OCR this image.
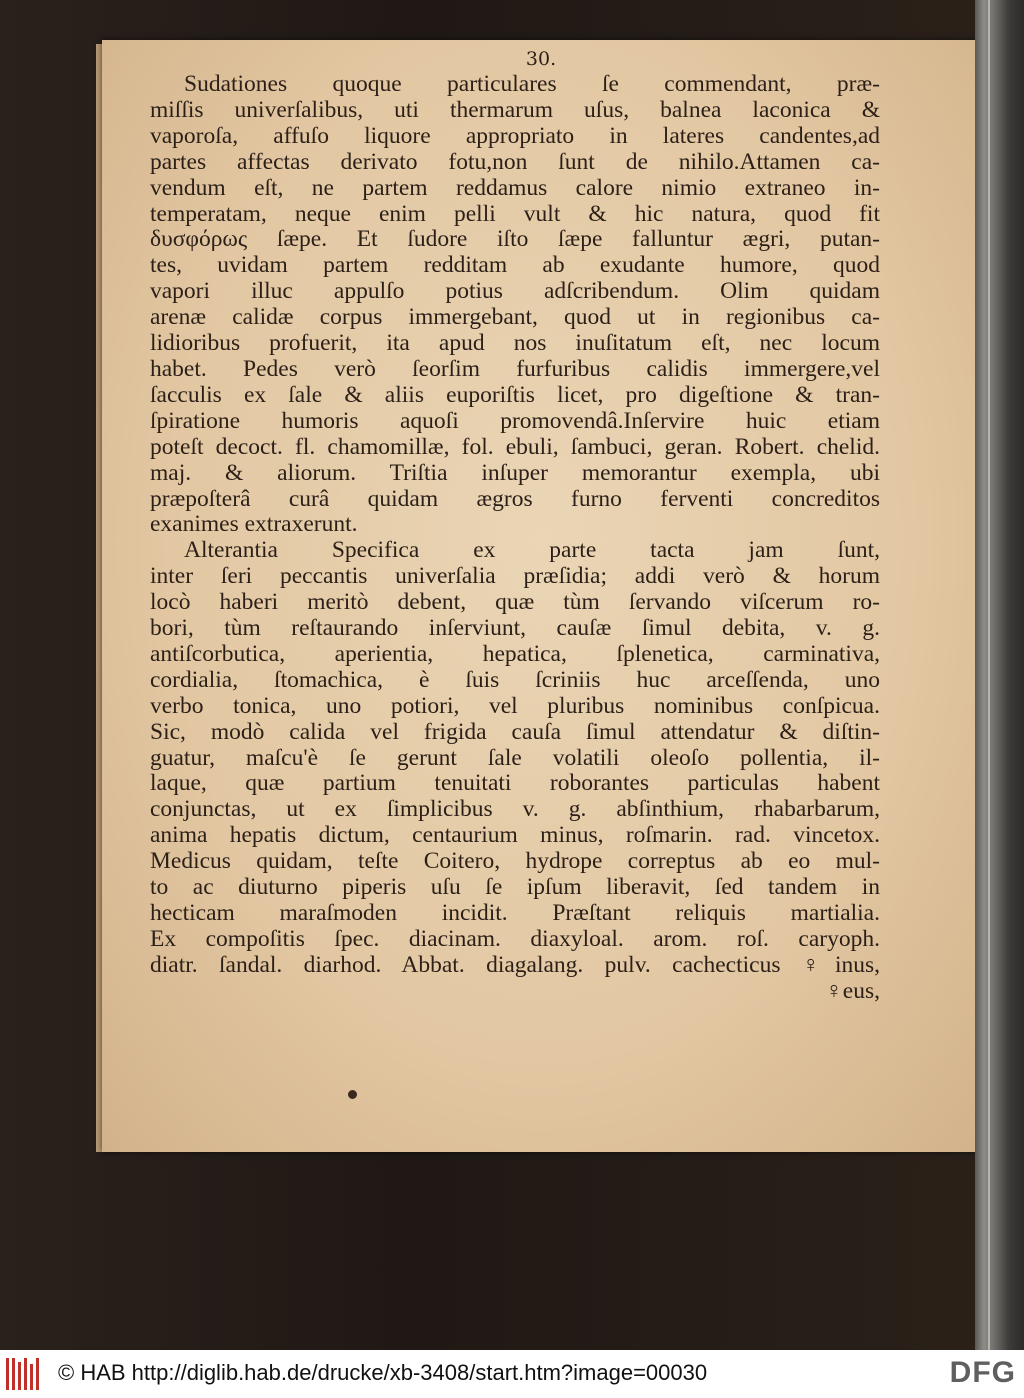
30.
Sudationes quoque particulares ſe commendant, præ-
miſſis univerſalibus, uti thermarum uſus, balnea laconica &
vaporoſa, affuſo liquore appropriato in lateres candentes,ad
partes affectas derivato fotu,non ſunt de nihilo.Attamen ca-
vendum eſt, ne partem reddamus calore nimio extraneo in-
temperatam, neque enim pelli vult & hic natura, quod fit
δυσφόρως ſæpe. Et ſudore iſto ſæpe falluntur ægri, putan-
tes, uvidam partem redditam ab exudante humore, quod
vapori illuc appulſo potius adſcribendum. Olim quidam
arenæ calidæ corpus immergebant, quod ut in regionibus ca-
lidioribus profuerit, ita apud nos inuſitatum eſt, nec locum
habet. Pedes verò ſeorſim furfuribus calidis immergere,vel
ſacculis ex ſale & aliis euporiſtis licet, pro digeſtione & tran-
ſpiratione humoris aquoſi promovendâ.Inſervire huic etiam
poteſt decoct. fl. chamomillæ, fol. ebuli, ſambuci, geran. Robert. chelid.
maj. & aliorum. Triſtia inſuper memorantur exempla, ubi
præpoſterâ curâ quidam ægros furno ferventi concreditos
exanimes extraxerunt.
Alterantia Specifica ex parte tacta jam ſunt,
inter ſeri peccantis univerſalia præſidia; addi verò & horum
locò haberi meritò debent, quæ tùm ſervando viſcerum ro-
bori, tùm reſtaurando inſerviunt, cauſæ ſimul debita, v. g.
antiſcorbutica, aperientia, hepatica, ſplenetica, carminativa,
cordialia, ſtomachica, è ſuis ſcriniis huc arceſſenda, uno
verbo tonica, uno potiori, vel pluribus nominibus conſpicua.
Sic, modò calida vel frigida cauſa ſimul attendatur & diſtin-
guatur, maſcu'è ſe gerunt ſale volatili oleoſo pollentia, il-
laque, quæ partium tenuitati roborantes particulas habent
conjunctas, ut ex ſimplicibus v. g. abſinthium, rhabarbarum,
anima hepatis dictum, centaurium minus, roſmarin. rad. vincetox.
Medicus quidam, teſte Coitero, hydrope correptus ab eo mul-
to ac diuturno piperis uſu ſe ipſum liberavit, ſed tandem in
hecticam maraſmoden incidit. Præſtant reliquis martialia.
Ex compoſitis ſpec. diacinam. diaxyloal. arom. roſ. caryoph.
diatr. ſandal. diarhod. Abbat. diagalang. pulv. cachecticus ♀inus,
♀eus,
© HAB http://diglib.hab.de/drucke/xb-3408/start.htm?image=00030	DFG
